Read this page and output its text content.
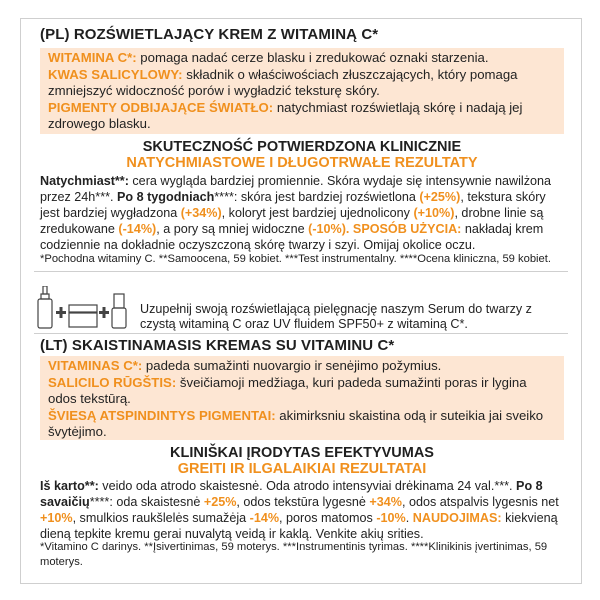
(PL) ROZŚWIETLAJĄCY KREM Z WITAMINĄ C*

WITAMINA C*: pomaga nadać cerze blasku i zredukować oznaki starzenia.

KWAS SALICYLOWY: składnik o właściwościach złuszczających, który pomaga zmniejszyć widoczność porów i wygładzić teksturę skóry.

PIGMENTY ODBIJAJĄCE ŚWIATŁO: natychmiast rozświetlają skórę i nadają jej zdrowego blasku.

SKUTECZNOŚĆ POTWIERDZONA KLINICZNIE
NATYCHMIASTOWE I DŁUGOTRWAŁE REZULTATY

Natychmiast**: cera wygląda bardziej promiennie. Skóra wydaje się intensywnie nawilżona przez 24h***. Po 8 tygodniach****: skóra jest bardziej rozświetlona (+25%), tekstura skóry jest bardziej wygładzona (+34%), koloryt jest bardziej ujednolicony (+10%), drobne linie są zredukowane (-14%), a pory są mniej widoczne (-10%). SPOSÓB UŻYCIA: nakładaj krem codziennie na dokładnie oczyszczoną skórę twarzy i szyi. Omijaj okolice oczu.

*Pochodna witaminy C. **Samoocena, 59 kobiet. ***Test instrumentalny. ****Ocena kliniczna, 59 kobiet.
Uzupełnij swoją rozświetlającą pielęgnację naszym Serum do twarzy z czystą witaminą C oraz UV fluidem SPF50+ z witaminą C*.
(LT) SKAISTINAMASIS KREMAS SU VITAMINU C*

VITAMINAS C*: padeda sumažinti nuovargio ir senėjimo požymius.

SALICILO RŪGŠTIS: šveičiamoji medžiaga, kuri padeda sumažinti poras ir lygina odos tekstūrą.

ŠVIESĄ ATSPINDINTYS PIGMENTAI: akimirksniu skaistina odą ir suteikia jai sveiko švytėjimo.

KLINIŠKAI ĮRODYTAS EFEKTYVUMAS
GREITI IR ILGALAIKIAI REZULTATAI

Iš karto**: veido oda atrodo skaistesnė. Oda atrodo intensyviai drėkinama 24 val.***. Po 8 savaičių****: oda skaistesnė +25%, odos tekstūra lygesnė +34%, odos atspalvis lygesnis net +10%, smulkios raukšlelės sumažėja -14%, poros matomos -10%. NAUDOJIMAS: kiekvieną dieną tepkite kremu gerai nuvalytą veidą ir kaklą. Venkite akių srities.

*Vitamino C darinys. **Įsivertinimas, 59 moterys. ***Instrumentinis tyrimas. ****Klinikinis įvertinimas, 59 moterys.
